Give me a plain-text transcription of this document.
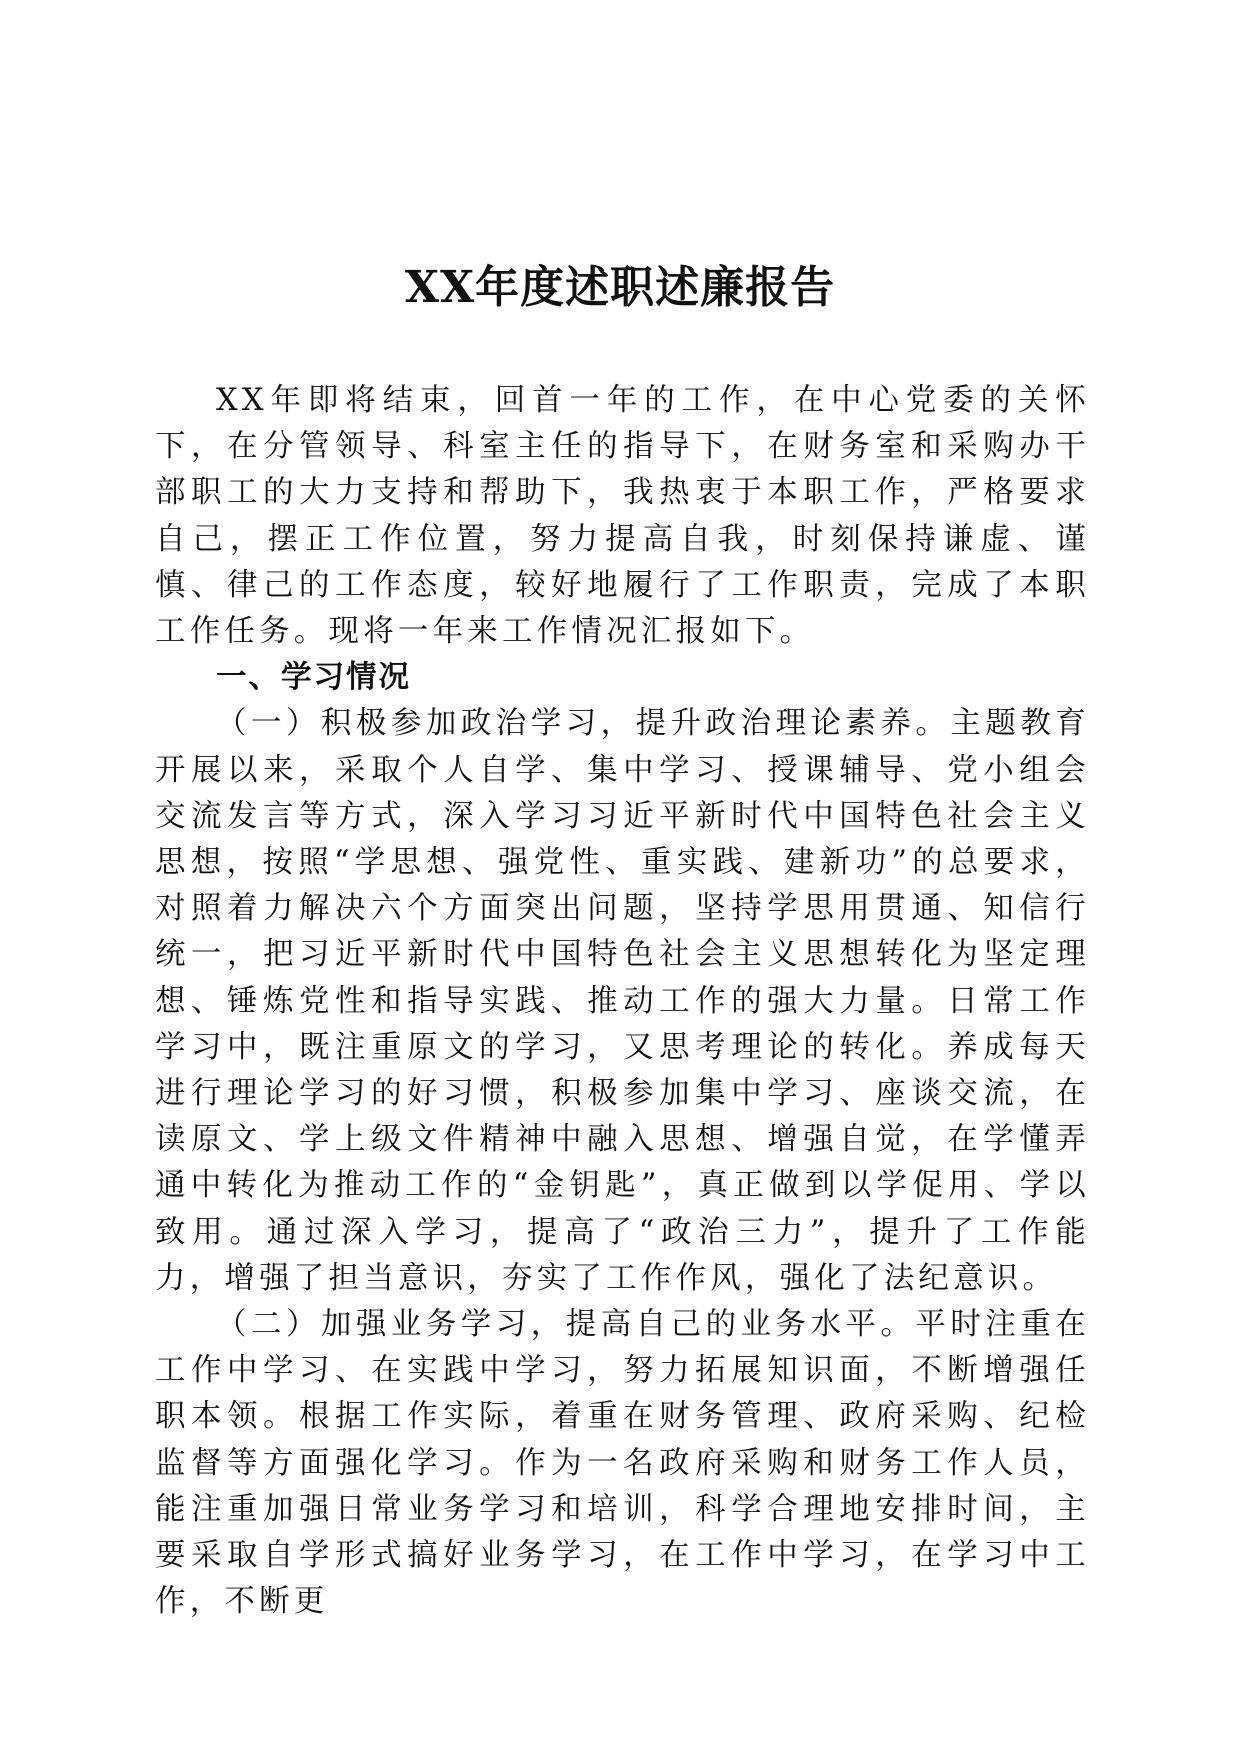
XX年度述职述廉报告

XX年即将结束，回首一年的工作，在中心党委的关怀下，在分管领导、科室主任的指导下，在财务室和采购办干部职工的大力支持和帮助下，我热衷于本职工作，严格要求自己，摆正工作位置，努力提高自我，时刻保持谦虚、谨慎、律己的工作态度，较好地履行了工作职责，完成了本职工作任务。现将一年来工作情况汇报如下。

一、学习情况

（一）积极参加政治学习，提升政治理论素养。主题教育开展以来，采取个人自学、集中学习、授课辅导、党小组会交流发言等方式，深入学习习近平新时代中国特色社会主义思想，按照“学思想、强党性、重实践、建新功”的总要求，对照着力解决六个方面突出问题，坚持学思用贯通、知信行统一，把习近平新时代中国特色社会主义思想转化为坚定理想、锤炼党性和指导实践、推动工作的强大力量。日常工作学习中，既注重原文的学习，又思考理论的转化。养成每天进行理论学习的好习惯，积极参加集中学习、座谈交流，在读原文、学上级文件精神中融入思想、增强自觉，在学懂弄通中转化为推动工作的“金钥匙”，真正做到以学促用、学以致用。通过深入学习，提高了“政治三力”，提升了工作能力，增强了担当意识，夯实了工作作风，强化了法纪意识。

（二）加强业务学习，提高自己的业务水平。平时注重在工作中学习、在实践中学习，努力拓展知识面，不断增强任职本领。根据工作实际，着重在财务管理、政府采购、纪检监督等方面强化学习。作为一名政府采购和财务工作人员，能注重加强日常业务学习和培训，科学合理地安排时间，主要采取自学形式搞好业务学习，在工作中学习，在学习中工作，不断更
